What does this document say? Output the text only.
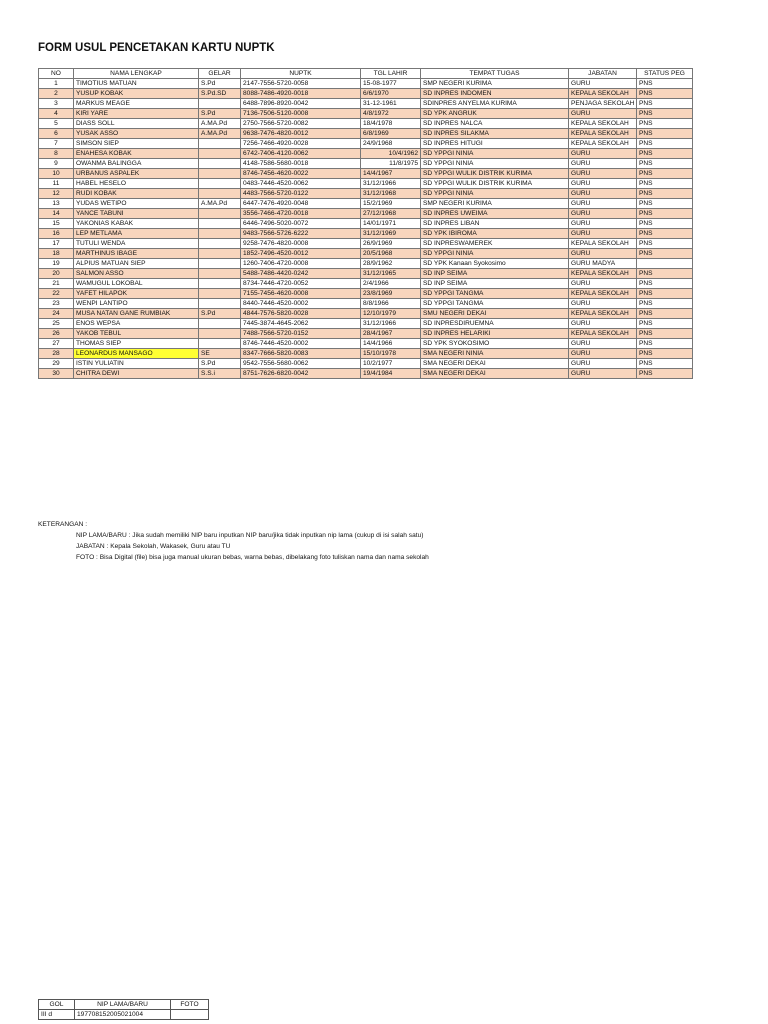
FORM USUL PENCETAKAN KARTU NUPTK
NO	NAMA LENGKAP	GELAR	NUPTK	TGL LAHIR	TEMPAT TUGAS	JABATAN	STATUS PEG
1	TIMOTIUS MATUAN	S.Pd	2147-7556-5720-0058	15-08-1977	SMP NEGERI KURIMA	GURU	PNS
2	YUSUP KOBAK	S.Pd.SD	8088-7486-4920-0018	6/6/1970	SD INPRES INDOMEN	KEPALA SEKOLAH	PNS
3	MARKUS MEAGE		6488-7896-8920-0042	31-12-1961	SDINPRES ANYELMA KURIMA	PENJAGA SEKOLAH	PNS
4	KIRI YARE	S.Pd	7136-7506-5120-0008	4/8/1972	SD YPK ANGRUK	GURU	PNS
5	DIASS SOLL	A.MA.Pd	2750-7566-5720-0082	18/4/1978	SD INPRES NALCA	KEPALA SEKOLAH	PNS
6	YUSAK ASSO	A.MA.Pd	9638-7476-4820-0012	6/8/1969	SD INPRES SILAKMA	KEPALA SEKOLAH	PNS
7	SIMSON SIEP		7256-7466-4920-0028	24/9/1968	SD INPRES HITUGI	KEPALA SEKOLAH	PNS
8	ENAHESA KOBAK		6742-7406-4120-0062	10/4/1962	SD YPPGI NINIA	GURU	PNS
9	OWANMA BALINGGA		4148-7586-5680-0018	11/8/1975	SD YPPGI NINIA	GURU	PNS
10	URBANUS ASPALEK		8746-7456-4620-0022	14/4/1967	SD YPPGI WULIK DISTRIK KURIMA	GURU	PNS
11	HABEL HESELO		0483-7446-4520-0062	31/12/1966	SD YPPGI WULIK DISTRIK KURIMA	GURU	PNS
12	RUDI KOBAK		4483-7566-5720-0122	31/12/1968	SD YPPGI NINIA	GURU	PNS
13	YUDAS WETIPO	A.MA.Pd	6447-7476-4920-0048	15/2/1969	SMP NEGERI KURIMA	GURU	PNS
14	YANCE TABUNI		3556-7466-4720-0018	27/12/1968	SD INPRES UWEIMA	GURU	PNS
15	YAKONIAS KABAK		6446-7496-5020-0072	14/01/1971	SD INPRES LIBAN	GURU	PNS
16	LEP METLAMA		9483-7566-5726-6222	31/12/1969	SD YPK IBIROMA	GURU	PNS
17	TUTULI WENDA		9258-7476-4820-0008	26/9/1969	SD INPRESWAMEREK	KEPALA SEKOLAH	PNS
18	MARTHINUS IBAGE		1852-7496-4520-0012	20/5/1968	SD YPPGI NINIA	GURU	PNS
19	ALPIUS MATUAN SIEP		1260-7406-4720-0008	28/9/1962	SD YPK Kanaan Syokosimo	GURU MADYA	
20	SALMON ASSO		5488-7486-4420-0242	31/12/1965	SD INP SEIMA	KEPALA SEKOLAH	PNS
21	WAMUGUL LOKOBAL		8734-7446-4720-0052	2/4/1966	SD INP SEIMA	GURU	PNS
22	YAFET HILAPOK		7155-7456-4620-0008	23/8/1969	SD YPPGI TANGMA	KEPALA SEKOLAH	PNS
23	WENPI LANTIPO		8440-7446-4520-0002	8/8/1966	SD YPPGI TANGMA	GURU	PNS
24	MUSA NATAN GANE RUMBIAK	S.Pd	4844-7576-5820-0028	12/10/1979	SMU NEGERI DEKAI	KEPALA SEKOLAH	PNS
25	ENOS WEPSA		7445-3874-4645-2062	31/12/1966	SD INPRESDIRUEMNA	GURU	PNS
26	YAKOB TEBUL		7488-7566-5720-0152	28/4/1967	SD INPRES HELARIKI	KEPALA SEKOLAH	PNS
27	THOMAS SIEP		8746-7446-4520-0002	14/4/1966	SD YPK SYOKOSIMO	GURU	PNS
28	LEONARDUS MANSAGO	SE	8347-7666-5820-0083	15/10/1978	SMA NEGERI NINIA	GURU	PNS
29	ISTIN YULIATIN	S.Pd	9542-7556-5680-0062	10/2/1977	SMA NEGERI DEKAI	GURU	PNS
30	CHITRA DEWI	S.S.i	8751-7626-6820-0042	19/4/1984	SMA NEGERI DEKAI	GURU	PNS
KETERANGAN :
NIP LAMA/BARU : Jika sudah memiliki NIP baru inputkan NIP baru/jika tidak inputkan nip lama (cukup di isi salah satu)
JABATAN : Kepala Sekolah, Wakasek, Guru atau TU
FOTO : Bisa Digital (file) bisa juga manual ukuran bebas, warna bebas, dibelakang foto tuliskan nama dan nama sekolah
GOL	NIP LAMA/BARU	FOTO
III d	197708152005021004	
